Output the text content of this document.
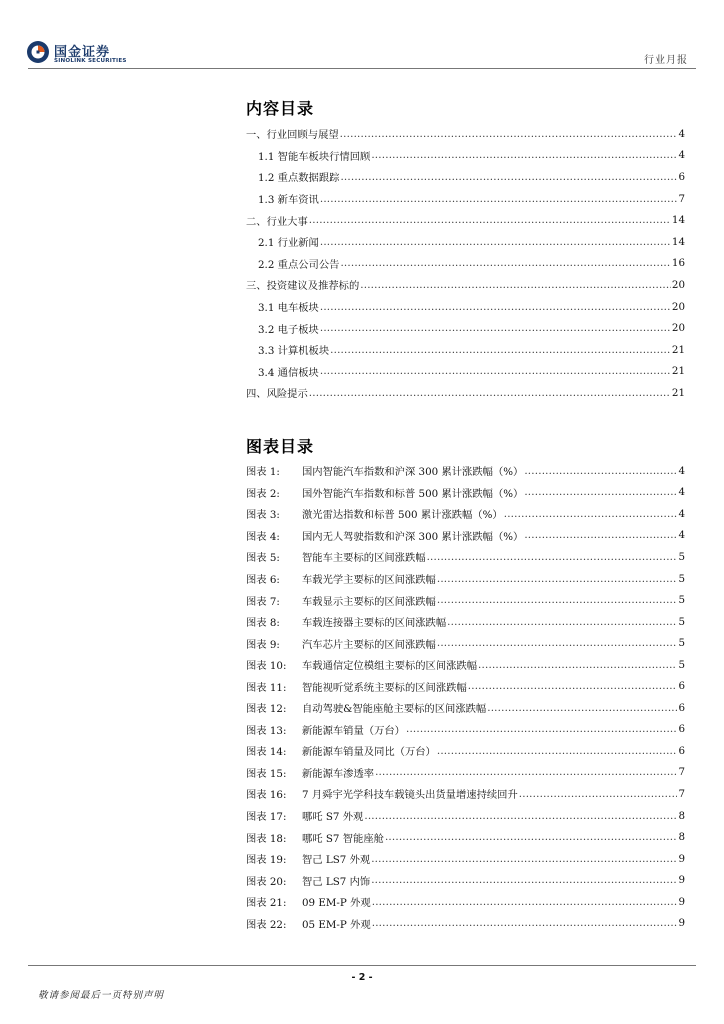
国金证券
SINOLINK SECURITIES	行业月报
内容目录
一、行业回顾与展望 .....	4
1.1 智能车板块行情回顾 .....	4
1.2 重点数据跟踪 .....	6
1.3 新车资讯 .....	7
二、行业大事 .....	14
2.1 行业新闻 .....	14
2.2 重点公司公告 .....	16
三、投资建议及推荐标的 .....	20
3.1 电车板块 .....	20
3.2 电子板块 .....	20
3.3 计算机板块 .....	21
3.4 通信板块 .....	21
四、风险提示 .....	21
图表目录
图表 1:	国内智能汽车指数和沪深 300 累计涨跌幅（%） .....	4
图表 2:	国外智能汽车指数和标普 500 累计涨跌幅（%） .....	4
图表 3:	激光雷达指数和标普 500 累计涨跌幅（%） .....	4
图表 4:	国内无人驾驶指数和沪深 300 累计涨跌幅（%） .....	4
图表 5:	智能车主要标的区间涨跌幅 .....	5
图表 6:	车载光学主要标的区间涨跌幅 .....	5
图表 7:	车载显示主要标的区间涨跌幅 .....	5
图表 8:	车载连接器主要标的区间涨跌幅 .....	5
图表 9:	汽车芯片主要标的区间涨跌幅 .....	5
图表 10:	车载通信定位模组主要标的区间涨跌幅 .....	5
图表 11:	智能视听觉系统主要标的区间涨跌幅 .....	6
图表 12:	自动驾驶&智能座舱主要标的区间涨跌幅 .....	6
图表 13:	新能源车销量（万台） .....	6
图表 14:	新能源车销量及同比（万台） .....	6
图表 15:	新能源车渗透率 .....	7
图表 16:	7 月舜宇光学科技车载镜头出货量增速持续回升 .....	7
图表 17:	哪吒 S7 外观 .....	8
图表 18:	哪吒 S7 智能座舱 .....	8
图表 19:	智己 LS7 外观 .....	9
图表 20:	智己 LS7 内饰 .....	9
图表 21:	09 EM-P 外观 .....	9
图表 22:	05 EM-P 外观 .....	9
- 2 -
敬请参阅最后一页特别声明
